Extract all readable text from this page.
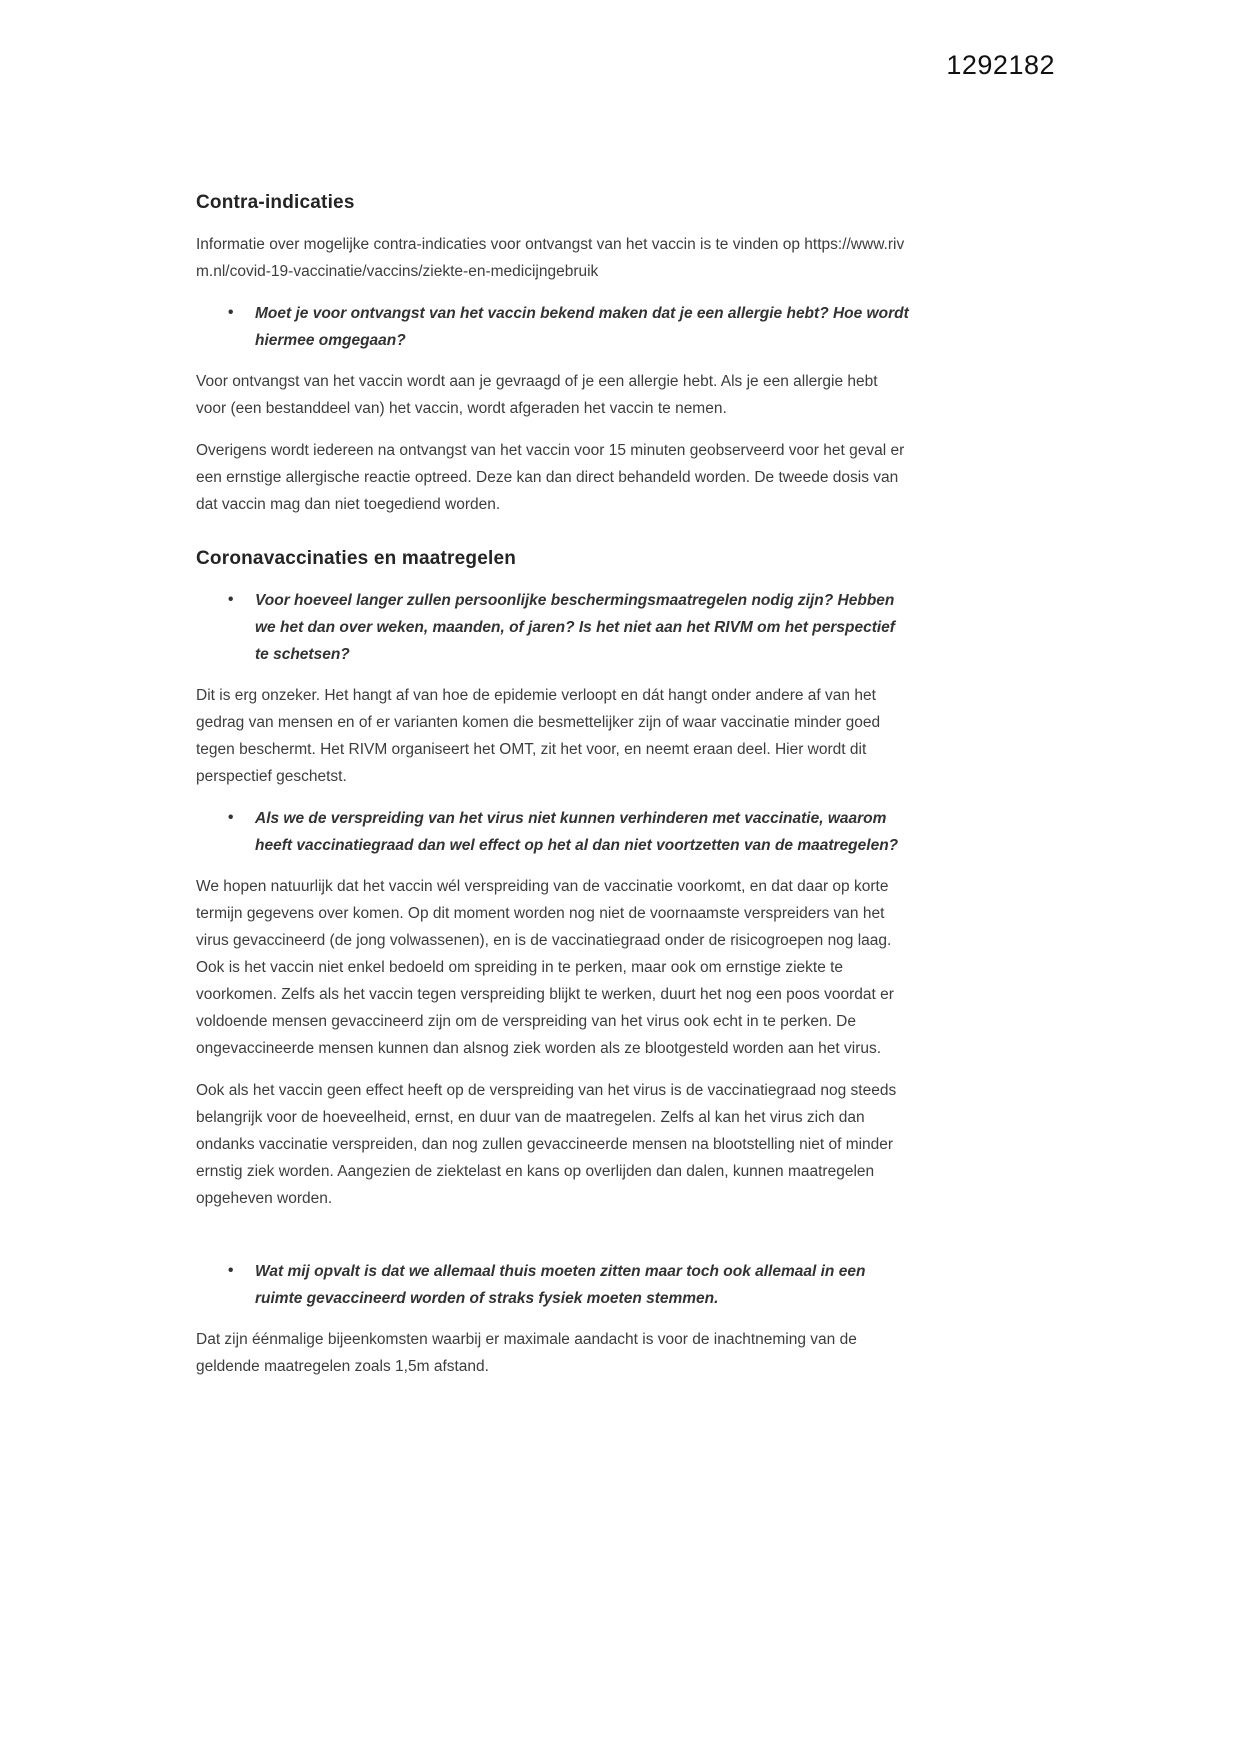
1292182
Contra-indicaties

Informatie over mogelijke contra-indicaties voor ontvangst van het vaccin is te vinden op https://www.rivm.nl/covid-19-vaccinatie/vaccins/ziekte-en-medicijngebruik

• Moet je voor ontvangst van het vaccin bekend maken dat je een allergie hebt? Hoe wordt hiermee omgegaan?

Voor ontvangst van het vaccin wordt aan je gevraagd of je een allergie hebt. Als je een allergie hebt voor (een bestanddeel van) het vaccin, wordt afgeraden het vaccin te nemen.

Overigens wordt iedereen na ontvangst van het vaccin voor 15 minuten geobserveerd voor het geval er een ernstige allergische reactie optreed. Deze kan dan direct behandeld worden. De tweede dosis van dat vaccin mag dan niet toegediend worden.

Coronavaccinaties en maatregelen
• Voor hoeveel langer zullen persoonlijke beschermingsmaatregelen nodig zijn? Hebben we het dan over weken, maanden, of jaren? Is het niet aan het RIVM om het perspectief te schetsen?

Dit is erg onzeker. Het hangt af van hoe de epidemie verloopt en dát hangt onder andere af van het gedrag van mensen en of er varianten komen die besmettelijker zijn of waar vaccinatie minder goed tegen beschermt. Het RIVM organiseert het OMT, zit het voor, en neemt eraan deel. Hier wordt dit perspectief geschetst.

• Als we de verspreiding van het virus niet kunnen verhinderen met vaccinatie, waarom heeft vaccinatiegraad dan wel effect op het al dan niet voortzetten van de maatregelen?

We hopen natuurlijk dat het vaccin wél verspreiding van de vaccinatie voorkomt, en dat daar op korte termijn gegevens over komen. Op dit moment worden nog niet de voornaamste verspreiders van het virus gevaccineerd (de jong volwassenen), en is de vaccinatiegraad onder de risicogroepen nog laag. Ook is het vaccin niet enkel bedoeld om spreiding in te perken, maar ook om ernstige ziekte te voorkomen. Zelfs als het vaccin tegen verspreiding blijkt te werken, duurt het nog een poos voordat er voldoende mensen gevaccineerd zijn om de verspreiding van het virus ook echt in te perken. De ongevaccineerde mensen kunnen dan alsnog ziek worden als ze blootgesteld worden aan het virus.

Ook als het vaccin geen effect heeft op de verspreiding van het virus is de vaccinatiegraad nog steeds belangrijk voor de hoeveelheid, ernst, en duur van de maatregelen. Zelfs al kan het virus zich dan ondanks vaccinatie verspreiden, dan nog zullen gevaccineerde mensen na blootstelling niet of minder ernstig ziek worden. Aangezien de ziektelast en kans op overlijden dan dalen, kunnen maatregelen opgeheven worden.

• Wat mij opvalt is dat we allemaal thuis moeten zitten maar toch ook allemaal in een ruimte gevaccineerd worden of straks fysiek moeten stemmen.

Dat zijn éénmalige bijeenkomsten waarbij er maximale aandacht is voor de inachtneming van de geldende maatregelen zoals 1,5m afstand.
